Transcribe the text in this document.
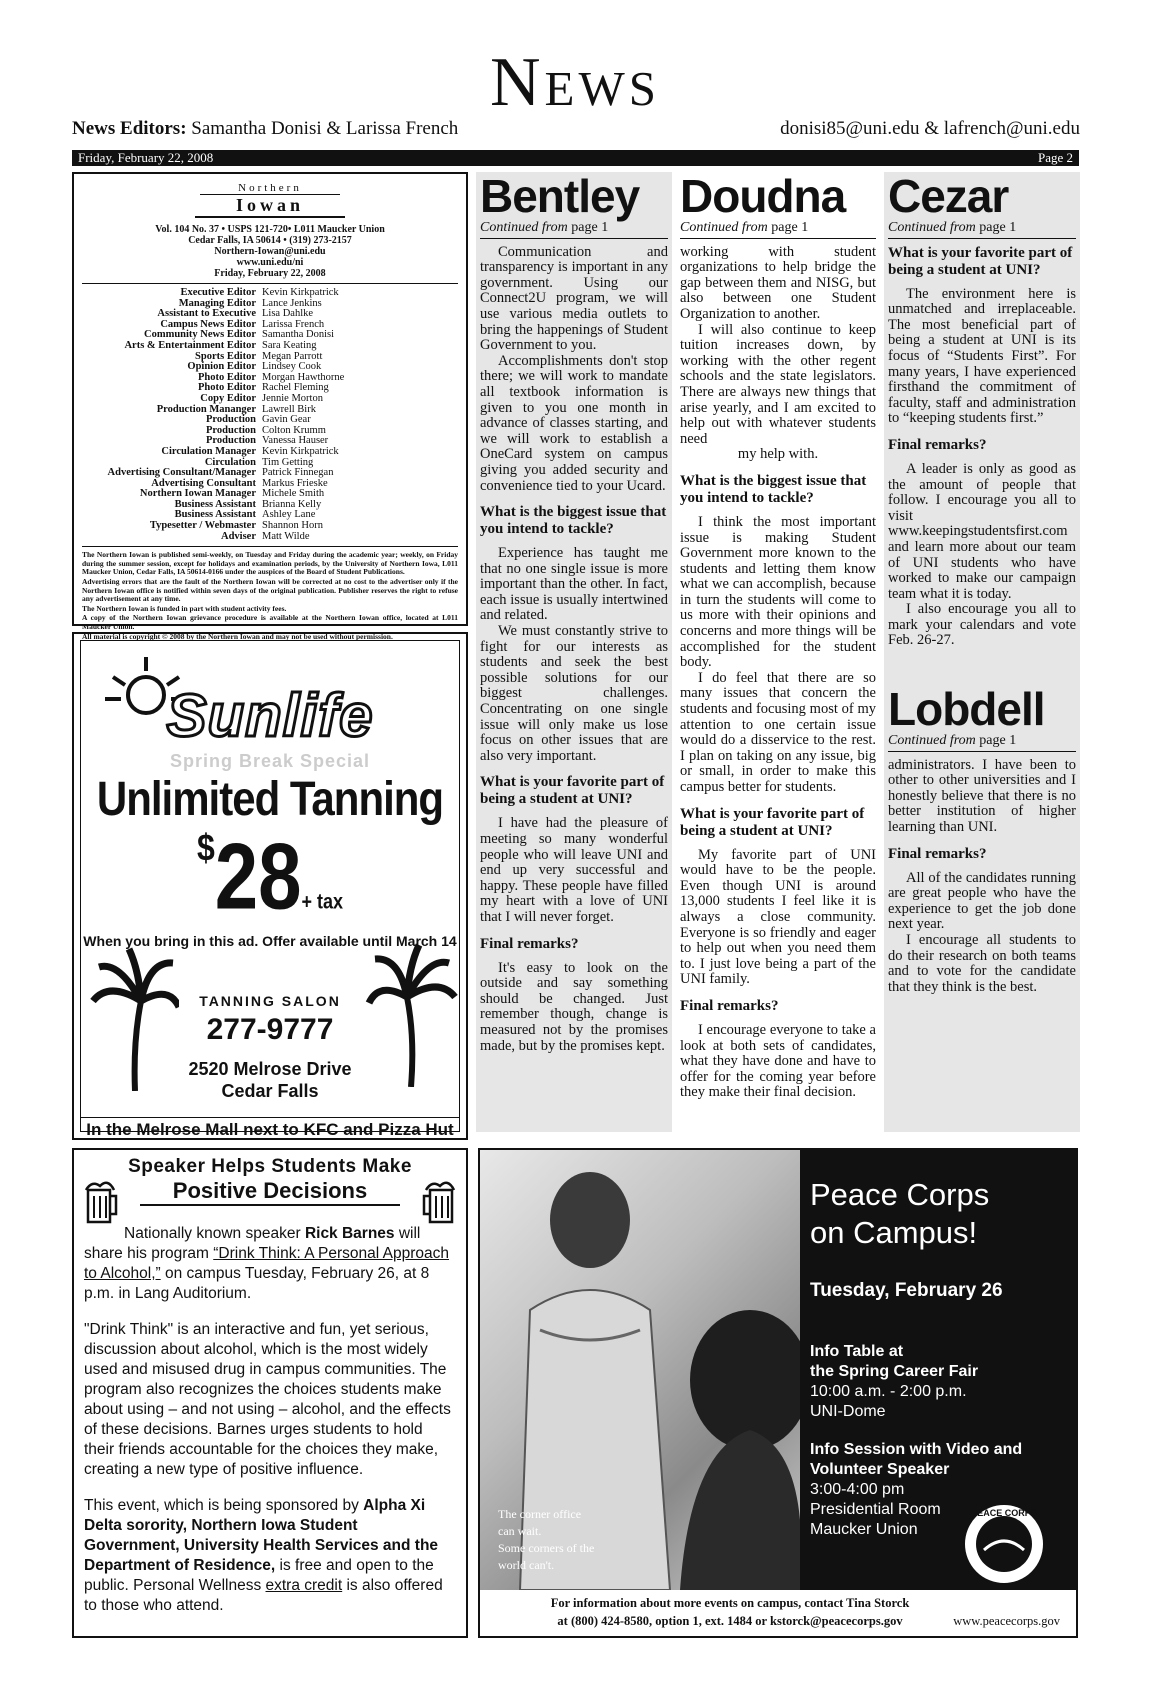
News
News Editors: Samantha Donisi & Larissa French	donisi85@uni.edu & lafrench@uni.edu
Friday, February 22, 2008	Page 2
Northern
Iowan
Vol. 104 No. 37 • USPS 121-720• L011 Maucker Union
Cedar Falls, IA 50614 • (319) 273-2157
Northern-Iowan@uni.edu
www.uni.edu/ni
Friday, February 22, 2008
Executive Editor Kevin Kirkpatrick
Managing Editor Lance Jenkins
Assistant to Executive Lisa Dahlke
Campus News Editor Larissa French
Community News Editor Samantha Donisi
Arts & Entertainment Editor Sara Keating
Sports Editor Megan Parrott
Opinion Editor Lindsey Cook
Photo Editor Morgan Hawthorne
Photo Editor Rachel Fleming
Copy Editor Jennie Morton
Production Mananger Lawrell Birk
Production Gavin Gear
Production Colton Krumm
Production Vanessa Hauser
Circulation Manager Kevin Kirkpatrick
Circulation Tim Getting
Advertising Consultant/Manager Patrick Finnegan
Advertising Consultant Markus Frieske
Northern Iowan Manager Michele Smith
Business Assistant Brianna Kelly
Business Assistant Ashley Lane
Typesetter / Webmaster Shannon Horn
Adviser Matt Wilde

The Northern Iowan is published semi-weekly, on Tuesday and Friday during the academic year; weekly, on Friday during the summer session, except for holidays and examination periods, by the University of Northern Iowa, L011 Maucker Union, Cedar Falls, IA 50614-0166 under the auspices of the Board of Student Publications.

Advertising errors that are the fault of the Northern Iowan will be corrected at no cost to the advertiser only if the Northern Iowan office is notified within seven days of the original publication. Publisher reserves the right to refuse any advertisement at any time.

The Northern Iowan is funded in part with student activity fees.

A copy of the Northern Iowan grievance procedure is available at the Northern Iowan office, located at L011 Maucker Union.

All material is copyright © 2008 by the Northern Iowan and may not be used without permission.

Sunlife
Spring Break Special
Unlimited Tanning
$28+ tax
When you bring in this ad. Offer available until March 14
TANNING SALON
277-9777
2520 Melrose Drive
Cedar Falls
In the Melrose Mall next to KFC and Pizza Hut
Bentley
Continued from page 1

Communication and transparency is important in any government. Using our Connect2U program, we will use various media outlets to bring the happenings of Student Government to you.

Accomplishments don't stop there; we will work to mandate all textbook information is given to you one month in advance of classes starting, and we will work to establish a OneCard system on campus giving you added security and convenience tied to your Ucard.

What is the biggest issue that you intend to tackle?

Experience has taught me that no one single issue is more important than the other. In fact, each issue is usually intertwined and related.

We must constantly strive to fight for our interests as students and seek the best possible solutions for our biggest challenges. Concentrating on one single issue will only make us lose focus on other issues that are also very important.

What is your favorite part of being a student at UNI?

I have had the pleasure of meeting so many wonderful people who will leave UNI and end up very successful and happy. These people have filled my heart with a love of UNI that I will never forget.

Final remarks?

It's easy to look on the outside and say something should be changed. Just remember though, change is measured not by the promises made, but by the promises kept.

Doudna
Continued from page 1

working with student organizations to help bridge the gap between them and NISG, but also between one Student Organization to another.

I will also continue to keep tuition increases down, by working with the other regent schools and the state legislators. There are always new things that arise yearly, and I am excited to help out with whatever students need

my help with.

What is the biggest issue that you intend to tackle?

I think the most important issue is making Student Government more known to the students and letting them know what we can accomplish, because in turn the students will come to us more with their opinions and concerns and more things will be accomplished for the student body.

I do feel that there are so many issues that concern the students and focusing most of my attention to one certain issue would do a disservice to the rest. I plan on taking on any issue, big or small, in order to make this campus better for students.

What is your favorite part of being a student at UNI?

My favorite part of UNI would have to be the people. Even though UNI is around 13,000 students I feel like it is always a close community. Everyone is so friendly and eager to help out when you need them to. I just love being a part of the UNI family.

Final remarks?

I encourage everyone to take a look at both sets of candidates, what they have done and have to offer for the coming year before they make their final decision.

Cezar
Continued from page 1
What is your favorite part of being a student at UNI?

The environment here is unmatched and irreplaceable. The most beneficial part of being a student at UNI is its focus of “Students First”. For many years, I have experienced firsthand the commitment of faculty, staff and administration to “keeping students first.”

Final remarks?

A leader is only as good as the amount of people that follow. I encourage you all to visit www.keepingstudentsfirst.com and learn more about our team of UNI students who have worked to make our campaign team what it is today.

I also encourage you all to mark your calendars and vote Feb. 26-27.

Lobdell
Continued from page 1

administrators. I have been to other to other universities and I honestly believe that there is no better institution of higher learning than UNI.

Final remarks?

All of the candidates running are great people who have the experience to get the job done next year.

I encourage all students to do their research on both teams and to vote for the candidate that they think is the best.

Speaker Helps Students Make
Positive Decisions

Nationally known speaker Rick Barnes will share his program “Drink Think: A Personal Approach to Alcohol,” on campus Tuesday, February 26, at 8 p.m. in Lang Auditorium.

"Drink Think" is an interactive and fun, yet serious, discussion about alcohol, which is the most widely used and misused drug in campus communities. The program also recognizes the choices students make about using – and not using – alcohol, and the effects of these decisions. Barnes urges students to hold their friends accountable for the choices they make, creating a new type of positive influence.

This event, which is being sponsored by Alpha Xi Delta sorority, Northern Iowa Student Government, University Health Services and the Department of Residence, is free and open to the public. Personal Wellness extra credit is also offered to those who attend.

Peace Corps
on Campus!
Tuesday, February 26
Info Table at
the Spring Career Fair
10:00 a.m. - 2:00 p.m.
UNI-Dome
Info Session with Video and
Volunteer Speaker
3:00-4:00 pm
Presidential Room
Maucker Union
The corner office
can wait.
Some corners of the
world can't.
PEACE CORPS
For information about more events on campus, contact Tina Storck
at (800) 424-8580, option 1, ext. 1484 or kstorck@peacecorps.gov	www.peacecorps.gov
